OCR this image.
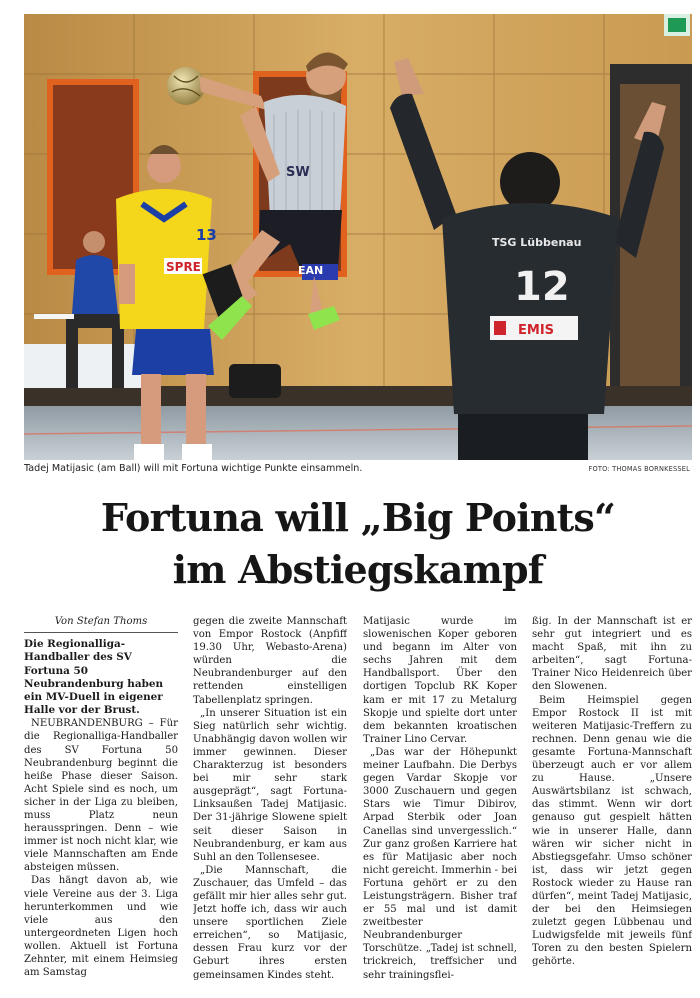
SPRE
13
SW
EAN
TSG Lübbenau
12
EMIS
Tadej Matijasic (am Ball) will mit Fortuna wichtige Punkte einsammeln.	FOTO: THOMAS BORNKESSEL
Fortuna will „Big Points“
im Abstiegskampf
Von Stefan Thoms

Die Regionalliga-Handballer des SV Fortuna 50 Neubrandenburg haben ein MV-Duell in eigener Halle vor der Brust.

NEUBRANDENBURG – Für die Regionalliga-Handballer des SV Fortuna 50 Neubrandenburg beginnt die heiße Phase dieser Saison. Acht Spiele sind es noch, um sicher in der Liga zu bleiben, muss Platz neun herausspringen. Denn – wie immer ist noch nicht klar, wie viele Mannschaften am Ende absteigen müssen.

Das hängt davon ab, wie viele Vereine aus der 3. Liga herunterkommen und wie viele aus den untergeordneten Ligen hoch wollen. Aktuell ist Fortuna Zehnter, mit einem Heimsieg am Samstag

gegen die zweite Mannschaft von Empor Rostock (Anpfiff 19.30 Uhr, Webasto-Arena) würden die Neubrandenburger auf den rettenden einstelligen Tabellenplatz springen.

„In unserer Situation ist ein Sieg natürlich sehr wichtig. Unabhängig davon wollen wir immer gewinnen. Dieser Charakterzug ist besonders bei mir sehr stark ausgeprägt“, sagt Fortuna-Linksaußen Tadej Matijasic. Der 31-jährige Slowene spielt seit dieser Saison in Neubrandenburg, er kam aus Suhl an den Tollensesee.

„Die Mannschaft, die Zuschauer, das Umfeld – das gefällt mir hier alles sehr gut. Jetzt hoffe ich, dass wir auch unsere sportlichen Ziele erreichen“, so Matijasic, dessen Frau kurz vor der Geburt ihres ersten gemeinsamen Kindes steht.

Matijasic wurde im slowenischen Koper geboren und begann im Alter von sechs Jahren mit dem Handballsport. Über den dortigen Topclub RK Koper kam er mit 17 zu Metalurg Skopje und spielte dort unter dem bekannten kroatischen Trainer Lino Cervar.

„Das war der Höhepunkt meiner Laufbahn. Die Derbys gegen Vardar Skopje vor 3000 Zuschauern und gegen Stars wie Timur Dibirov, Arpad Sterbik oder Joan Canellas sind unvergesslich.“ Zur ganz großen Karriere hat es für Matijasic aber noch nicht gereicht. Immerhin - bei Fortuna gehört er zu den Leistungsträgern. Bisher traf er 55 mal und ist damit zweitbester Neubrandenburger Torschütze. „Tadej ist schnell, trickreich, treffsicher und sehr trainingsflei-

ßig. In der Mannschaft ist er sehr gut integriert und es macht Spaß, mit ihn zu arbeiten“, sagt Fortuna-Trainer Nico Heidenreich über den Slowenen.

Beim Heimspiel gegen Empor Rostock II ist mit weiteren Matijasic-Treffern zu rechnen. Denn genau wie die gesamte Fortuna-Mannschaft überzeugt auch er vor allem zu Hause. „Unsere Auswärtsbilanz ist schwach, das stimmt. Wenn wir dort genauso gut gespielt hätten wie in unserer Halle, dann wären wir sicher nicht in Abstiegsgefahr. Umso schöner ist, dass wir jetzt gegen Rostock wieder zu Hause ran dürfen“, meint Tadej Matijasic, der bei den Heimsiegen zuletzt gegen Lübbenau und Ludwigsfelde mit jeweils fünf Toren zu den besten Spielern gehörte.
